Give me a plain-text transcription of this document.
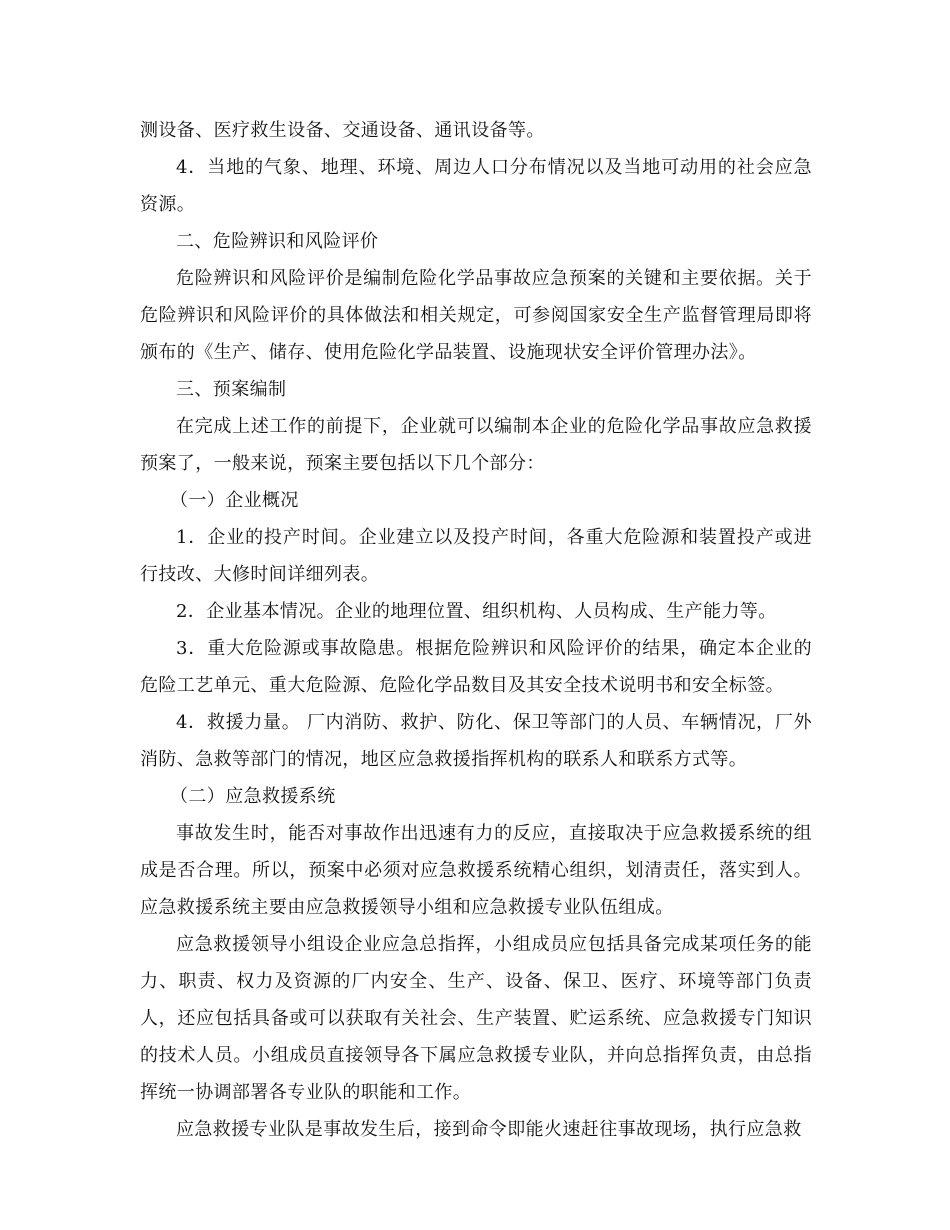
测设备、医疗救生设备、交通设备、通讯设备等。

4．当地的气象、地理、环境、周边人口分布情况以及当地可动用的社会应急资源。

二、危险辨识和风险评价

危险辨识和风险评价是编制危险化学品事故应急预案的关键和主要依据。关于危险辨识和风险评价的具体做法和相关规定，可参阅国家安全生产监督管理局即将颁布的《生产、储存、使用危险化学品装置、设施现状安全评价管理办法》。

三、预案编制

在完成上述工作的前提下，企业就可以编制本企业的危险化学品事故应急救援预案了，一般来说，预案主要包括以下几个部分：

（一）企业概况

1．企业的投产时间。企业建立以及投产时间，各重大危险源和装置投产或进行技改、大修时间详细列表。

2．企业基本情况。企业的地理位置、组织机构、人员构成、生产能力等。

3．重大危险源或事故隐患。根据危险辨识和风险评价的结果，确定本企业的危险工艺单元、重大危险源、危险化学品数目及其安全技术说明书和安全标签。

4．救援力量。 厂内消防、救护、防化、保卫等部门的人员、车辆情况，厂外消防、急救等部门的情况，地区应急救援指挥机构的联系人和联系方式等。

（二）应急救援系统

事故发生时，能否对事故作出迅速有力的反应，直接取决于应急救援系统的组成是否合理。所以，预案中必须对应急救援系统精心组织，划清责任，落实到人。应急救援系统主要由应急救援领导小组和应急救援专业队伍组成。

应急救援领导小组设企业应急总指挥，小组成员应包括具备完成某项任务的能力、职责、权力及资源的厂内安全、生产、设备、保卫、医疗、环境等部门负责人，还应包括具备或可以获取有关社会、生产装置、贮运系统、应急救援专门知识的技术人员。小组成员直接领导各下属应急救援专业队，并向总指挥负责，由总指挥统一协调部署各专业队的职能和工作。

应急救援专业队是事故发生后，接到命令即能火速赶往事故现场，执行应急救
